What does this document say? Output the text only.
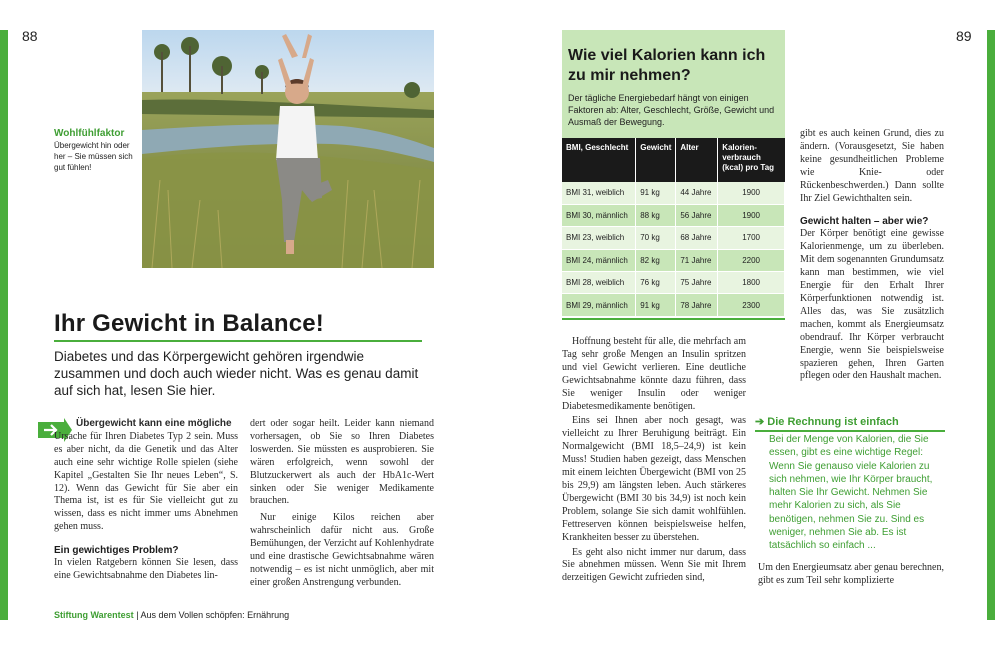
88	89
Wohlfühlfaktor
Übergewicht hin oder her – Sie müssen sich gut fühlen!
Ihr Gewicht in Balance!
Diabetes und das Körpergewicht gehören irgendwie zusammen und doch auch wieder nicht. Was es genau damit auf sich hat, lesen Sie hier.

Übergewicht kann eine mögliche

Ursache für Ihren Diabetes Typ 2 sein. Muss es aber nicht, da die Genetik und das Alter auch eine sehr wichtige Rolle spielen (siehe Kapitel „Gestalten Sie Ihr neues Leben“, S. 12). Wenn das Gewicht für Sie aber ein Thema ist, ist es für Sie vielleicht gut zu wissen, dass es nicht immer ums Abnehmen gehen muss.

Ein gewichtiges Problem?

In vielen Ratgebern können Sie lesen, dass eine Gewichtsabnahme den Diabetes lin-

dert oder sogar heilt. Leider kann niemand vorhersagen, ob Sie so Ihren Diabetes loswerden. Sie müssten es ausprobieren. Sie wären erfolgreich, wenn sowohl der Blutzuckerwert als auch der HbA1c-Wert sinken oder Sie weniger Medikamente brauchen.

Nur einige Kilos reichen aber wahrscheinlich dafür nicht aus. Große Bemühungen, der Verzicht auf Kohlenhydrate und eine drastische Gewichtsabnahme wären notwendig – es ist nicht unmöglich, aber mit einer großen Anstrengung verbunden.

Stiftung Warentest | Aus dem Vollen schöpfen: Ernährung
Wie viel Kalorien kann ich zu mir nehmen?

Der tägliche Energiebedarf hängt von einigen Faktoren ab: Alter, Geschlecht, Größe, Gewicht und Ausmaß der Bewegung.

BMI, Geschlecht	Gewicht	Alter	Kalorien-verbrauch (kcal) pro Tag
BMI 31, weiblich	91 kg	44 Jahre	1900
BMI 30, männlich	88 kg	56 Jahre	1900
BMI 23, weiblich	70 kg	68 Jahre	1700
BMI 24, männlich	82 kg	71 Jahre	2200
BMI 28, weiblich	76 kg	75 Jahre	1800
BMI 29, männlich	91 kg	78 Jahre	2300

Hoffnung besteht für alle, die mehrfach am Tag sehr große Mengen an Insulin spritzen und viel Gewicht verlieren. Eine deutliche Gewichtsabnahme könnte dazu führen, dass Sie weniger Insulin oder weniger Diabetesmedikamente benötigen.

Eins sei Ihnen aber noch gesagt, was vielleicht zu Ihrer Beruhigung beiträgt. Ein Normalgewicht (BMI 18,5–24,9) ist kein Muss! Studien haben gezeigt, dass Menschen mit einem leichten Übergewicht (BMI von 25 bis 29,9) am längsten leben. Auch stärkeres Übergewicht (BMI 30 bis 34,9) ist noch kein Problem, solange Sie sich damit wohlfühlen. Fettreserven können beispielsweise helfen, Krankheiten besser zu überstehen.

Es geht also nicht immer nur darum, dass Sie abnehmen müssen. Wenn Sie mit Ihrem derzeitigen Gewicht zufrieden sind,

gibt es auch keinen Grund, dies zu ändern. (Vorausgesetzt, Sie haben keine gesundheitlichen Probleme wie Knie- oder Rückenbeschwerden.) Dann sollte Ihr Ziel Gewichthalten sein.

Gewicht halten – aber wie?

Der Körper benötigt eine gewisse Kalorienmenge, um zu überleben. Mit dem sogenannten Grundumsatz kann man bestimmen, wie viel Energie für den Erhalt Ihrer Körperfunktionen notwendig ist. Alles das, was Sie zusätzlich machen, kommt als Energieumsatz obendrauf. Ihr Körper verbraucht Energie, wenn Sie beispielsweise spazieren gehen, Ihren Garten pflegen oder den Haushalt machen.

➔ Die Rechnung ist einfach
Bei der Menge von Kalorien, die Sie essen, gibt es eine wichtige Regel: Wenn Sie genauso viele Kalorien zu sich nehmen, wie Ihr Körper braucht, halten Sie Ihr Gewicht. Nehmen Sie mehr Kalorien zu sich, als Sie benötigen, nehmen Sie zu. Sind es weniger, nehmen Sie ab. Es ist tatsächlich so einfach ...

Um den Energieumsatz aber genau berechnen, gibt es zum Teil sehr komplizierte
